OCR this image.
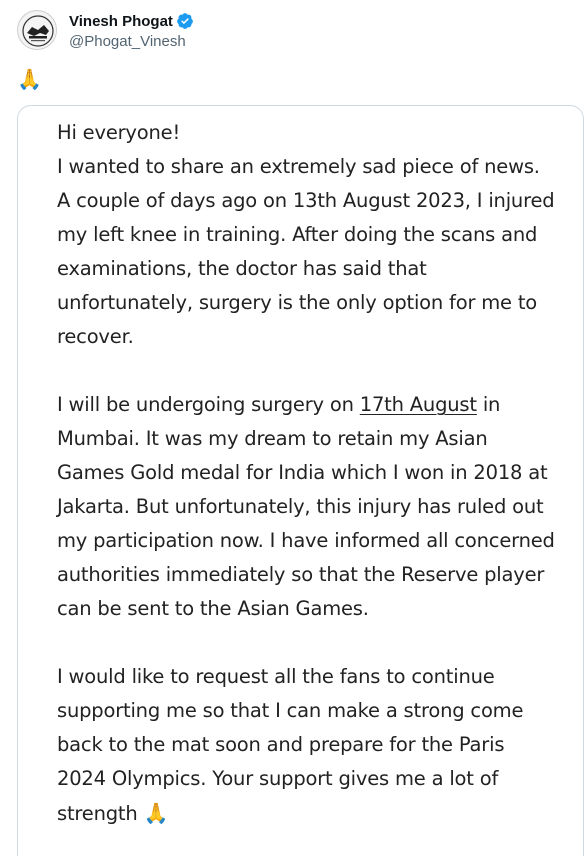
Vinesh Phogat
@Phogat_Vinesh
🙏

Hi everyone!

I wanted to share an extremely sad piece of news. A couple of days ago on 13th August 2023, I injured my left knee in training. After doing the scans and examinations, the doctor has said that unfortunately, surgery is the only option for me to recover.

I will be undergoing surgery on 17th August in Mumbai. It was my dream to retain my Asian Games Gold medal for India which I won in 2018 at Jakarta. But unfortunately, this injury has ruled out my participation now. I have informed all concerned authorities immediately so that the Reserve player can be sent to the Asian Games.

I would like to request all the fans to continue supporting me so that I can make a strong come back to the mat soon and prepare for the Paris 2024 Olympics. Your support gives me a lot of strength 🙏
